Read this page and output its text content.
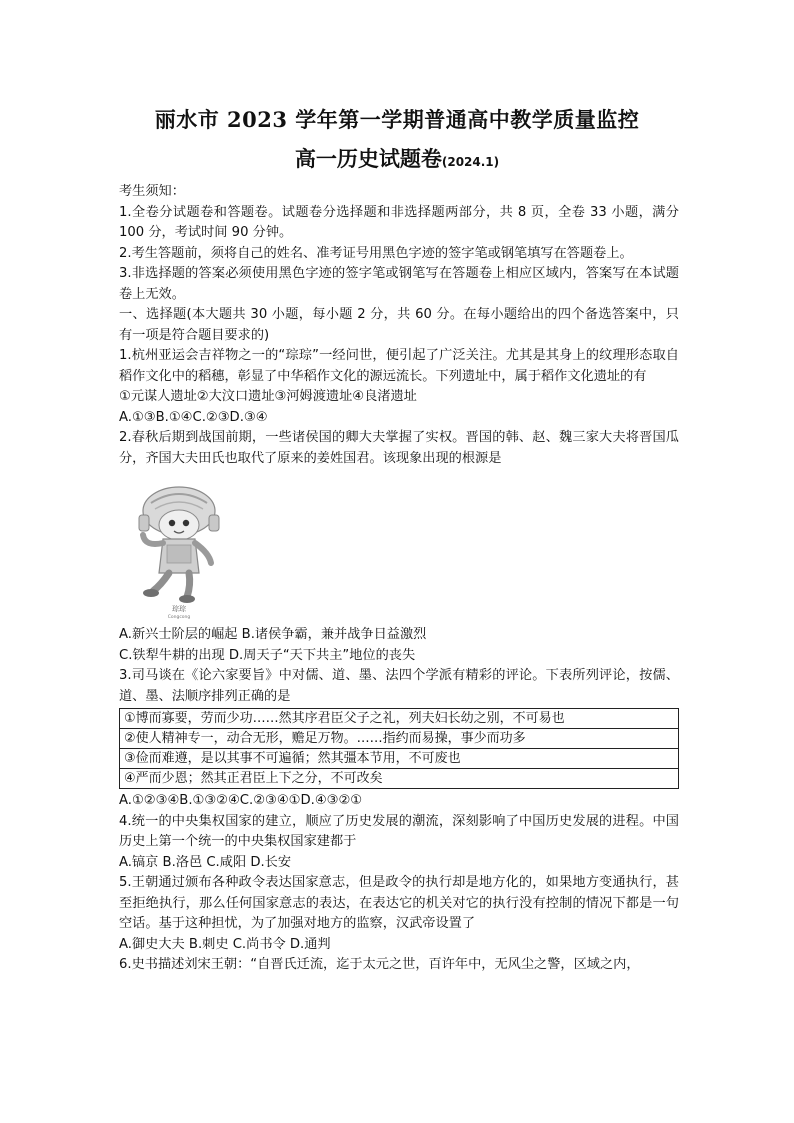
丽水市 2023 学年第一学期普通高中教学质量监控
高一历史试题卷(2024.1)

考生须知：

1.全卷分试题卷和答题卷。试题卷分选择题和非选择题两部分，共 8 页，全卷 33 小题，满分 100 分，考试时间 90 分钟。

2.考生答题前，须将自己的姓名、准考证号用黑色字迹的签字笔或钢笔填写在答题卷上。

3.非选择题的答案必须使用黑色字迹的签字笔或钢笔写在答题卷上相应区域内，答案写在本试题卷上无效。

一、选择题(本大题共 30 小题，每小题 2 分，共 60 分。在每小题给出的四个备选答案中，只有一项是符合题目要求的)

1.杭州亚运会吉祥物之一的“琮琮”一经问世，便引起了广泛关注。尤其是其身上的纹理形态取自稻作文化中的稻穗，彰显了中华稻作文化的源远流长。下列遗址中，属于稻作文化遗址的有

①元谋人遗址②大汶口遗址③河姆渡遗址④良渚遗址

A.①③B.①④C.②③D.③④

2.春秋后期到战国前期，一些诸侯国的卿大夫掌握了实权。晋国的韩、赵、魏三家大夫将晋国瓜分，齐国大夫田氏也取代了原来的姜姓国君。该现象出现的根源是

琮琮
Congcong

A.新兴士阶层的崛起 B.诸侯争霸，兼并战争日益激烈

C.铁犁牛耕的出现 D.周天子“天下共主”地位的丧失

3.司马谈在《论六家要旨》中对儒、道、墨、法四个学派有精彩的评论。下表所列评论，按儒、道、墨、法顺序排列正确的是

①博而寡要，劳而少功……然其序君臣父子之礼，列夫妇长幼之别，不可易也
②使人精神专一，动合无形，赡足万物。……指约而易操，事少而功多
③俭而难遵，是以其事不可遍循；然其彊本节用，不可废也
④严而少恩；然其正君臣上下之分，不可改矣

A.①②③④B.①③②④C.②③④①D.④③②①

4.统一的中央集权国家的建立，顺应了历史发展的潮流，深刻影响了中国历史发展的进程。中国历史上第一个统一的中央集权国家建都于

A.镐京 B.洛邑 C.咸阳 D.长安

5.王朝通过颁布各种政令表达国家意志，但是政令的执行却是地方化的，如果地方变通执行，甚至拒绝执行，那么任何国家意志的表达，在表达它的机关对它的执行没有控制的情况下都是一句空话。基于这种担忧，为了加强对地方的监察，汉武帝设置了

A.御史大夫 B.刺史 C.尚书令 D.通判

6.史书描述刘宋王朝：“自晋氏迁流，迄于太元之世，百许年中，无风尘之警，区域之内，
